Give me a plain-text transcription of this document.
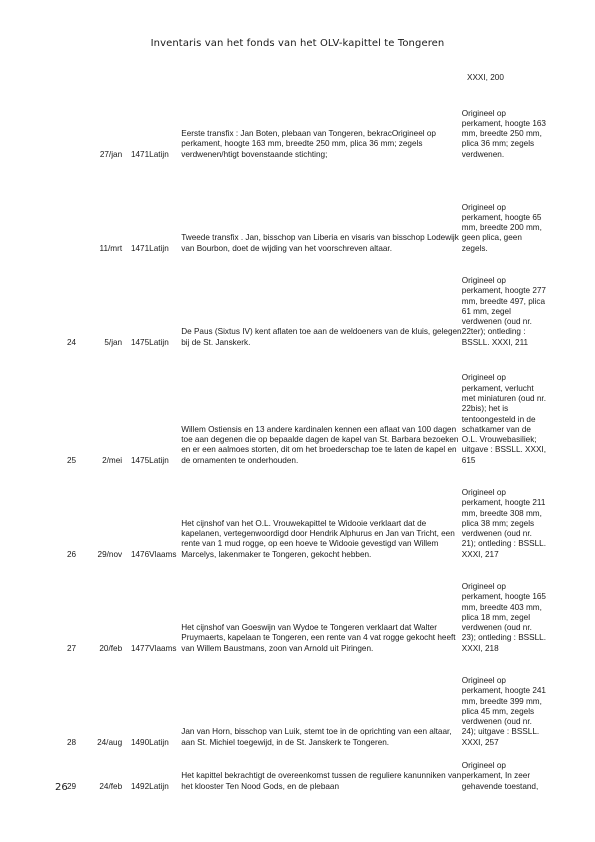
Inventaris van het fonds van het OLV-kapittel te Tongeren
XXXI, 200
	27/jan	1471	Latijn	Eerste transfix : Jan Boten, plebaan van Tongeren, bekracOrigineel op perkament, hoogte 163 mm, breedte 250 mm, plica 36 mm; zegels verdwenen/htigt bovenstaande stichting;	Origineel op perkament, hoogte 163 mm, breedte 250 mm, plica 36 mm; zegels verdwenen.
	11/mrt	1471	Latijn	Tweede transfix . Jan, bisschop van Liberia en visaris van bisschop Lodewijk van Bourbon, doet de wijding van het voorschreven altaar.	Origineel op perkament, hoogte 65 mm, breedte 200 mm, geen plica, geen zegels.
24	5/jan	1475	Latijn	De Paus (Sixtus IV) kent aflaten toe aan de weldoeners van de kluis, gelegen bij de St. Janskerk.	Origineel op perkament, hoogte 277 mm, breedte 497, plica 61 mm, zegel verdwenen (oud nr. 22ter); ontleding : BSSLL. XXXI, 211
25	2/mei	1475	Latijn	Willem Ostiensis en 13 andere kardinalen kennen een aflaat van 100 dagen toe aan degenen die op bepaalde dagen de kapel van St. Barbara bezoeken en er een aalmoes storten, dit om het broederschap toe te laten de kapel en de ornamenten te onderhouden.	Origineel op perkament, verlucht met miniaturen (oud nr. 22bis); het is tentoongesteld in de schatkamer van de O.L. Vrouwebasiliek; uitgave : BSSLL. XXXI, 615
26	29/nov	1476	Vlaams	Het cijnshof van het O.L. Vrouwekapittel te Widooie verklaart dat de kapelanen, vertegenwoordigd door Hendrik Alphurus en Jan van Tricht, een rente van 1 mud rogge, op een hoeve te Widooie gevestigd van Willem Marcelys, lakenmaker te Tongeren, gekocht hebben.	Origineel op perkament, hoogte 211 mm, breedte 308 mm, plica 38 mm; zegels verdwenen (oud nr. 21); ontleding : BSSLL. XXXI, 217
27	20/feb	1477	Vlaams	Het cijnshof van Goeswijn van Wydoe te Tongeren verklaart dat Walter Pruymaerts, kapelaan te Tongeren, een rente van 4 vat rogge gekocht heeft van Willem Baustmans, zoon van Arnold uit Piringen.	Origineel op perkament, hoogte 165 mm, breedte 403 mm, plica 18 mm, zegel verdwenen (oud nr. 23); ontleding : BSSLL. XXXI, 218
28	24/aug	1490	Latijn	Jan van Horn, bisschop van Luik, stemt toe in de oprichting van een altaar, aan St. Michiel toegewijd, in de St. Janskerk te Tongeren.	Origineel op perkament, hoogte 241 mm, breedte 399 mm, plica 45 mm, zegels verdwenen (oud nr. 24); uitgave : BSSLL. XXXI, 257
29	24/feb	1492	Latijn	Het kapittel bekrachtigt de overeenkomst tussen de reguliere kanunniken van het klooster Ten Nood Gods, en de plebaan	Origineel op perkament, In zeer gehavende toestand,
26
